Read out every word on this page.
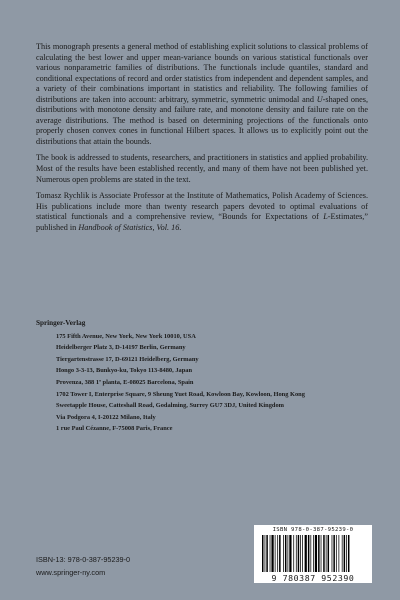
This monograph presents a general method of establishing explicit solutions to classical problems of calculating the best lower and upper mean-variance bounds on various statistical functionals over various nonparametric families of distributions. The functionals include quantiles, standard and conditional expectations of record and order statistics from independent and dependent samples, and a variety of their combinations important in statistics and reliability. The following families of distributions are taken into account: arbitrary, symmetric, symmetric unimodal and U-shaped ones, distributions with monotone density and failure rate, and monotone density and failure rate on the average distributions. The method is based on determining projections of the functionals onto properly chosen convex cones in functional Hilbert spaces. It allows us to explicitly point out the distributions that attain the bounds.

The book is addressed to students, researchers, and practitioners in statistics and applied probability. Most of the results have been established recently, and many of them have not been published yet. Numerous open problems are stated in the text.

Tomasz Rychlik is Associate Professor at the Institute of Mathematics, Polish Academy of Sciences. His publications include more than twenty research papers devoted to optimal evaluations of statistical functionals and a comprehensive review, “Bounds for Expectations of L-Estimates,” published in Handbook of Statistics, Vol. 16.

Springer-Verlag
175 Fifth Avenue, New York, New York 10010, USA
Heidelberger Platz 3, D-14197 Berlin, Germany
Tiergartenstrasse 17, D-69121 Heidelberg, Germany
Hongo 3-3-13, Bunkyo-ku, Tokyo 113-8480, Japan
Provenza, 388 1ª planta, E-08025 Barcelona, Spain
1702 Tower I, Enterprise Square, 9 Sheung Yuet Road, Kowloon Bay, Kowloon, Hong Kong
Sweetapple House, Catteshall Road, Godalming, Surrey GU7 3DJ, United Kingdom
Via Podgora 4, I-20122 Milano, Italy
1 rue Paul Cézanne, F-75008 Paris, France
ISBN-13: 978-0-387-95239-0
www.springer-ny.com
ISBN 978-0-387-95239-0
9 780387 952390
